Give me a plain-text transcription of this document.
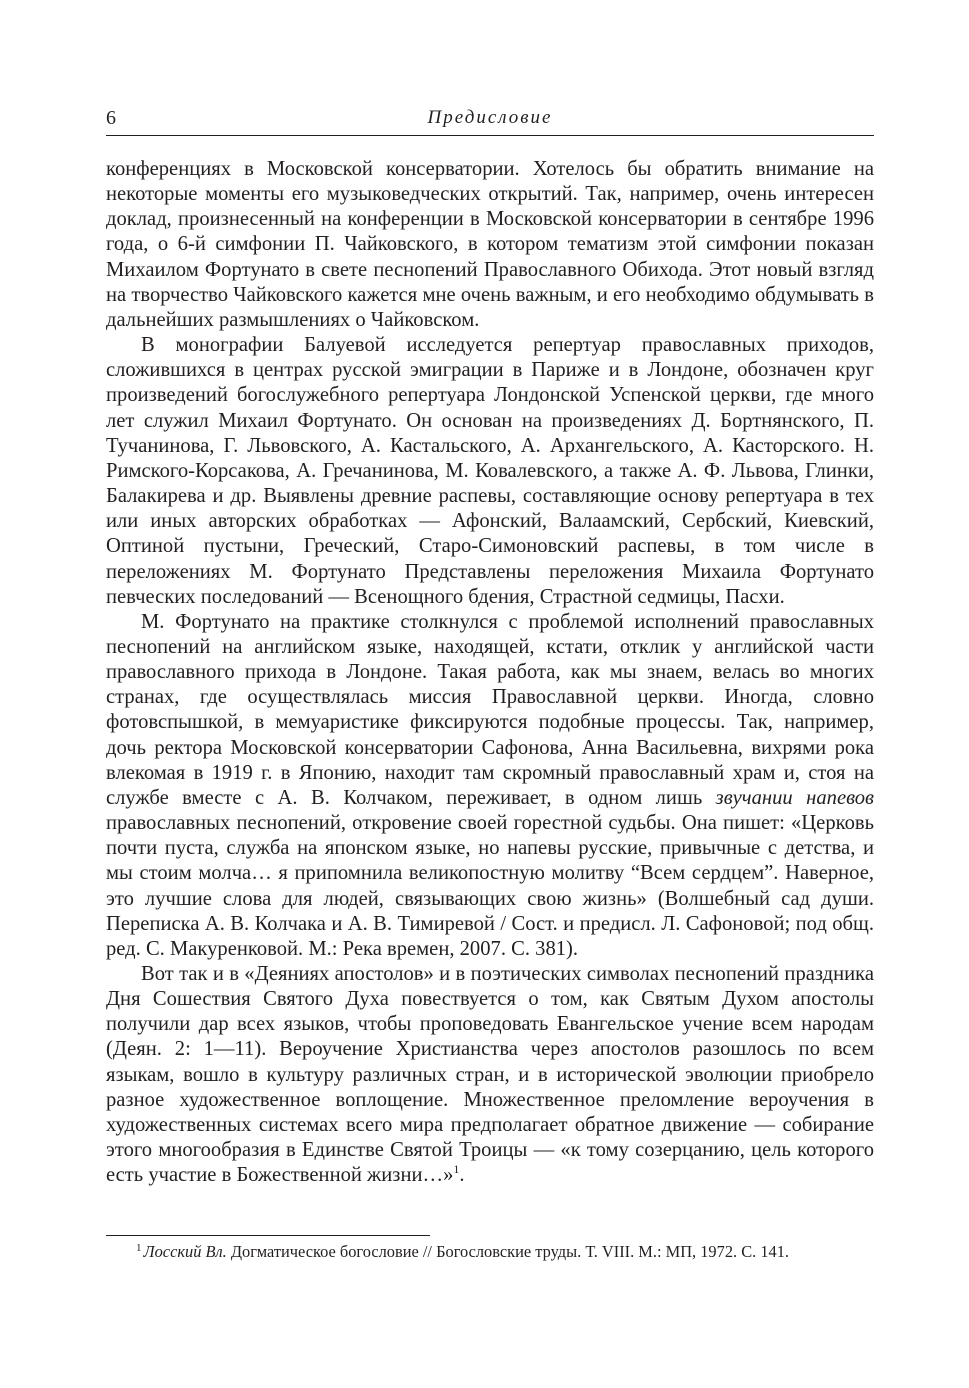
6	Предисловие

конференциях в Московской консерватории. Хотелось бы обратить внимание на некоторые моменты его музыковедческих открытий. Так, например, очень интересен доклад, произнесенный на конференции в Московской консерватории в сентябре 1996 года, о 6-й симфонии П. Чайковского, в котором тематизм этой симфонии показан Михаилом Фортунато в свете песнопений Православного Обихода. Этот новый взгляд на творчество Чайковского кажется мне очень важным, и его необходимо обдумывать в дальнейших размышлениях о Чайковском.

В монографии Балуевой исследуется репертуар православных приходов, сложившихся в центрах русской эмиграции в Париже и в Лондоне, обозначен круг произведений богослужебного репертуара Лондонской Успенской церкви, где много лет служил Михаил Фортунато. Он основан на произведениях Д. Бортнянского, П. Тучанинова, Г. Львовского, А. Кастальского, А. Архангельского, А. Касторского. Н. Римского-Корсакова, А. Гречанинова, М. Ковалевского, а также А. Ф. Львова, Глинки, Балакирева и др. Выявлены древние распевы, составляющие основу репертуара в тех или иных авторских обработках — Афонский, Валаамский, Сербский, Киевский, Оптиной пустыни, Греческий, Старо-Симоновский распевы, в том числе в переложениях М. Фортунато Представлены переложения Михаила Фортунато певческих последований — Всенощного бдения, Страстной седмицы, Пасхи.

М. Фортунато на практике столкнулся с проблемой исполнений православных песнопений на английском языке, находящей, кстати, отклик у английской части православного прихода в Лондоне. Такая работа, как мы знаем, велась во многих странах, где осуществлялась миссия Православной церкви. Иногда, словно фотовспышкой, в мемуаристике фиксируются подобные процессы. Так, например, дочь ректора Московской консерватории Сафонова, Анна Васильевна, вихрями рока влекомая в 1919 г. в Японию, находит там скромный православный храм и, стоя на службе вместе с А. В. Колчаком, переживает, в одном лишь звучании напевов православных песнопений, откровение своей горестной судьбы. Она пишет: «Церковь почти пуста, служба на японском языке, но напевы русские, привычные с детства, и мы стоим молча… я припомнила великопостную молитву “Всем сердцем”. Наверное, это лучшие слова для людей, связывающих свою жизнь» (Волшебный сад души. Переписка А. В. Колчака и А. В. Тимиревой / Сост. и предисл. Л. Сафоновой; под общ. ред. С. Макуренковой. М.: Река времен, 2007. С. 381).

Вот так и в «Деяниях апостолов» и в поэтических символах песнопений праздника Дня Сошествия Святого Духа повествуется о том, как Святым Духом апостолы получили дар всех языков, чтобы проповедовать Евангельское учение всем народам (Деян. 2: 1—11). Вероучение Христианства через апостолов разошлось по всем языкам, вошло в культуру различных стран, и в исторической эволюции приобрело разное художественное воплощение. Множественное преломление вероучения в художественных системах всего мира предполагает обратное движение — собирание этого многообразия в Единстве Святой Троицы — «к тому созерцанию, цель которого есть участие в Божественной жизни…»$^1$.

$^1$ Лосский Вл. Догматическое богословие // Богословские труды. Т. VIII. М.: МП, 1972. С. 141.
